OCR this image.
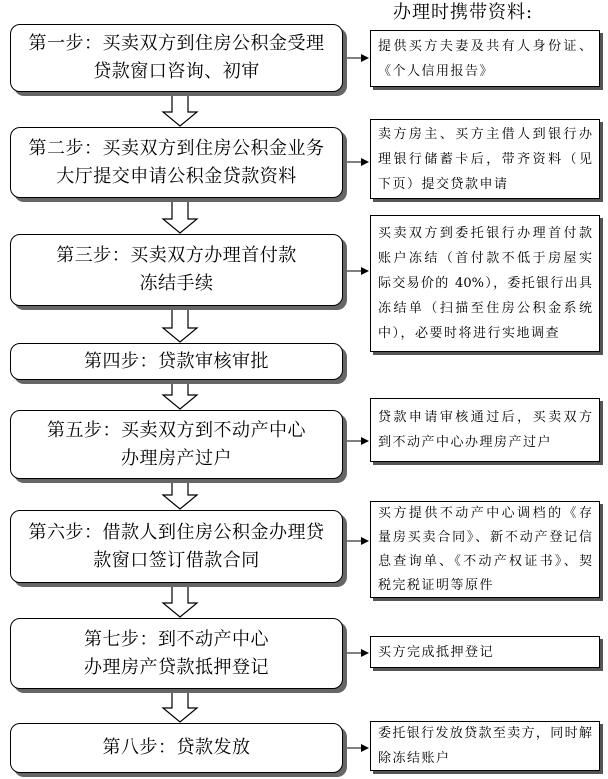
办理时携带资料:
第一步：买卖双方到住房公积金受理
贷款窗口咨询、初审
第二步：买卖双方到住房公积金业务
大厅提交申请公积金贷款资料
第三步：买卖双方办理首付款
冻结手续
第四步：贷款审核审批
第五步：买卖双方到不动产中心
办理房产过户
第六步：借款人到住房公积金办理贷
款窗口签订借款合同
第七步：到不动产中心
办理房产贷款抵押登记
第八步：贷款发放
提供买方夫妻及共有人身份证、
《个人信用报告》
卖方房主、买方主借人到银行办
理银行储蓄卡后，带齐资料（见
下页）提交贷款申请
买卖双方到委托银行办理首付款
账户冻结（首付款不低于房屋实
际交易价的 40%），委托银行出具
冻结单（扫描至住房公积金系统
中），必要时将进行实地调查
贷款申请审核通过后，买卖双方
到不动产中心办理房产过户
买方提供不动产中心调档的《存
量房买卖合同》、新不动产登记信
息查询单、《不动产权证书》、契
税完税证明等原件
买方完成抵押登记
委托银行发放贷款至卖方，同时解
除冻结账户
